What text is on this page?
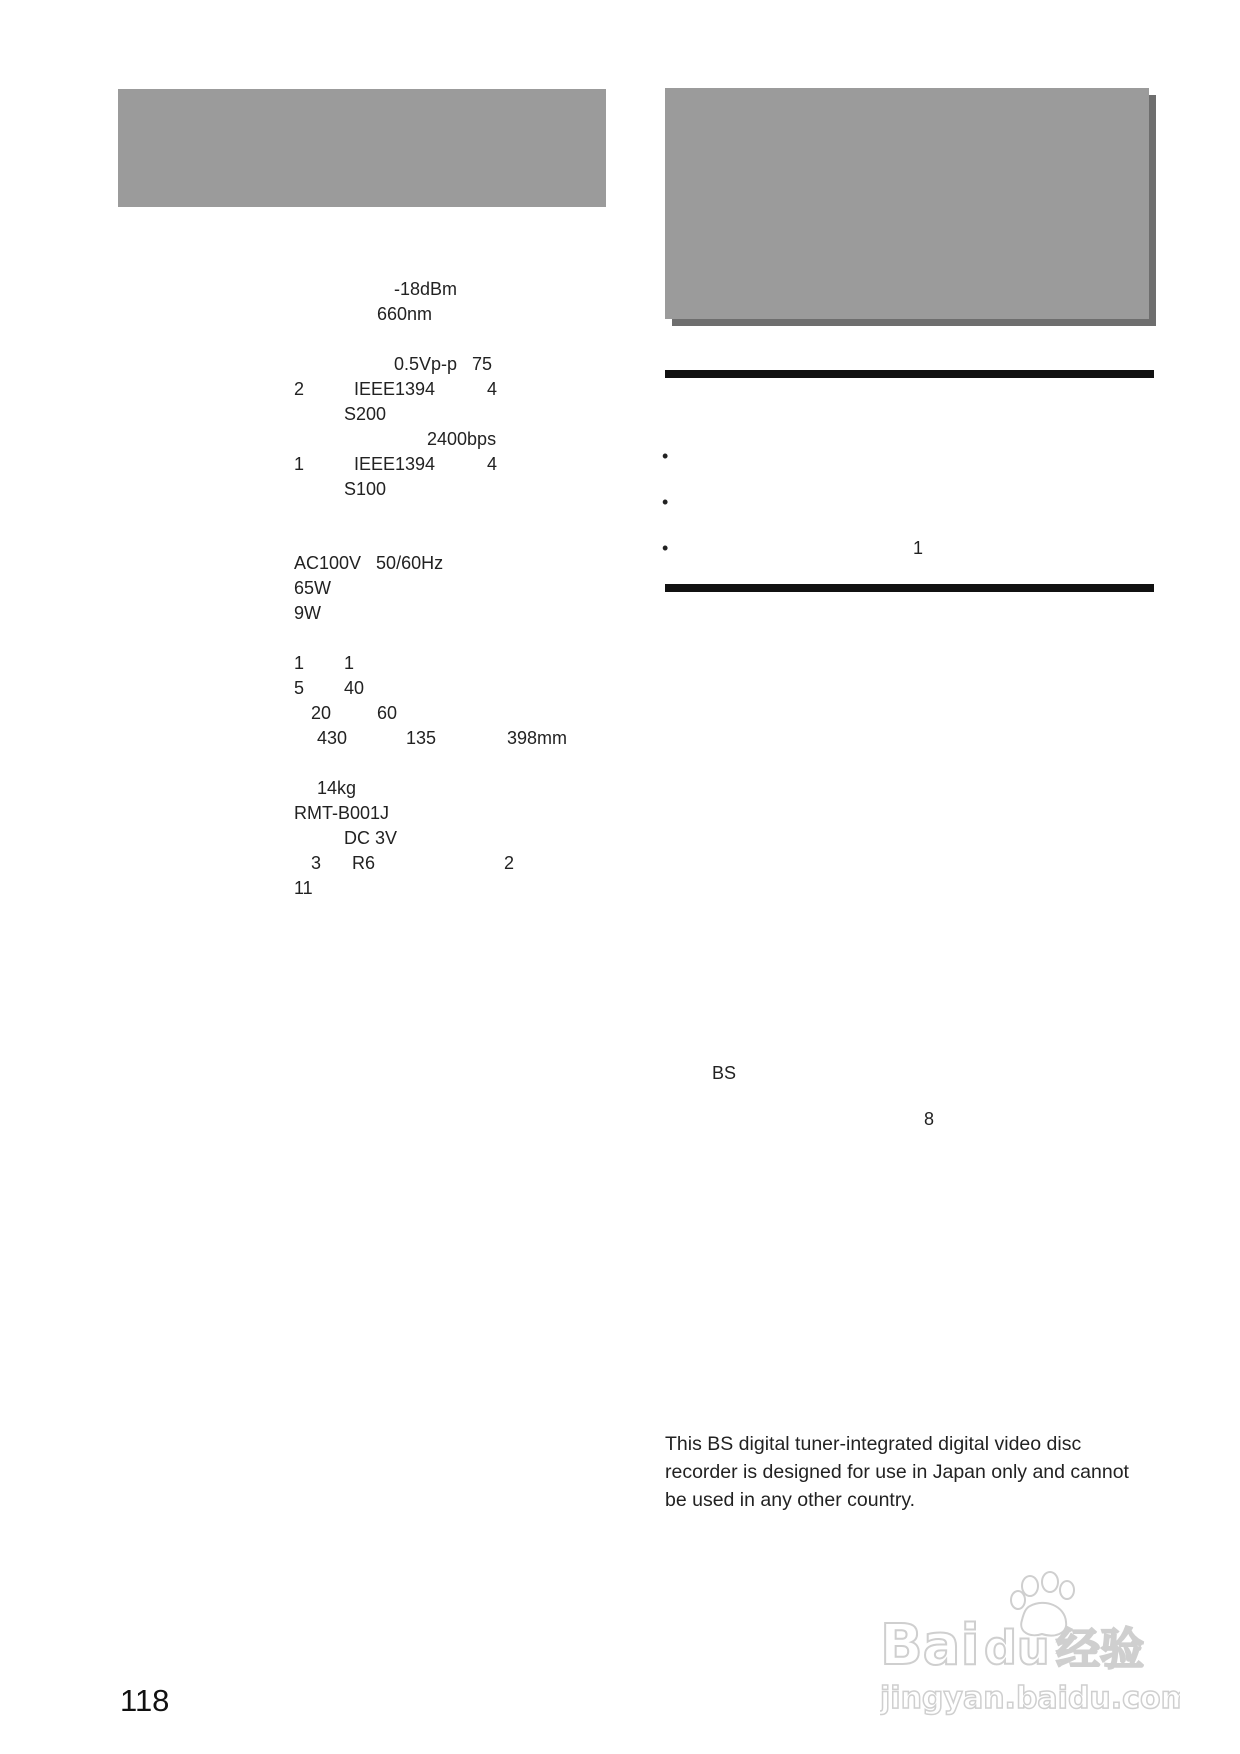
-18dBm
660nm
0.5Vp-p   75
2	IEEE1394	4
S200
2400bps
1	IEEE1394	4
S100
AC100V   50/60Hz
65W
9W
1 1
5 40
20	60
430	135	398mm
14kg
RMT-B001J
DC 3V
3 R6	2
11
•
•
•	1
BS
8
This BS digital tuner-integrated digital video disc recorder is designed for use in Japan only and cannot be used in any other country.
118
Bai du 经验
jingyan.baidu.com
